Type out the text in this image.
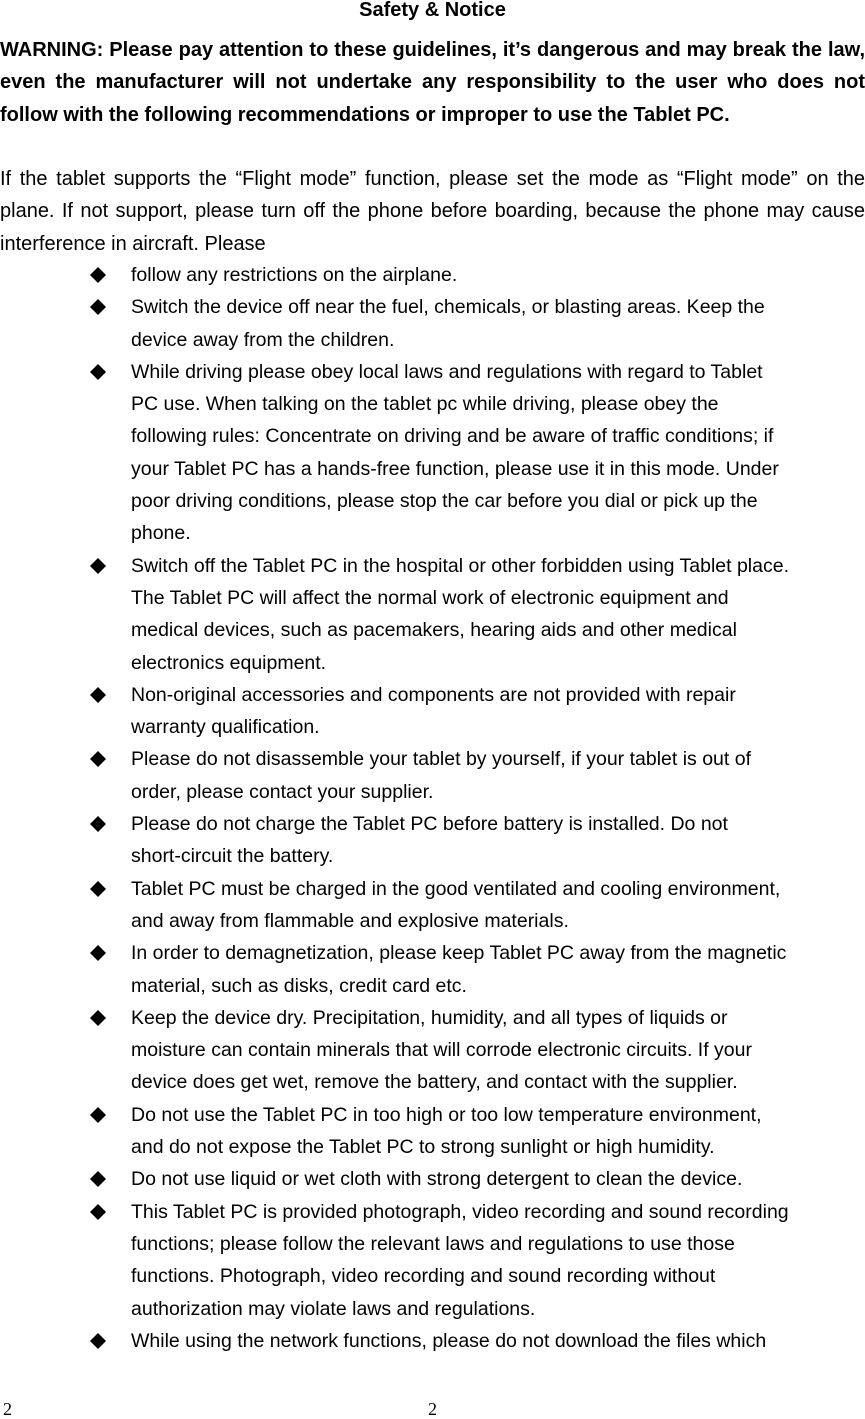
Safety & Notice
WARNING: Please pay attention to these guidelines, it’s dangerous and may break the law, even the manufacturer will not undertake any responsibility to the user who does not follow with the following recommendations or improper to use the Tablet PC.
If the tablet supports the “Flight mode” function, please set the mode as “Flight mode” on the plane. If not support, please turn off the phone before boarding, because the phone may cause interference in aircraft. Please
follow any restrictions on the airplane.
Switch the device off near the fuel, chemicals, or blasting areas. Keep the
device away from the children.
While driving please obey local laws and regulations with regard to Tablet
PC use. When talking on the tablet pc while driving, please obey the
following rules: Concentrate on driving and be aware of traffic conditions; if
your Tablet PC has a hands-free function, please use it in this mode. Under
poor driving conditions, please stop the car before you dial or pick up the
phone.
Switch off the Tablet PC in the hospital or other forbidden using Tablet place.
The Tablet PC will affect the normal work of electronic equipment and
medical devices, such as pacemakers, hearing aids and other medical
electronics equipment.
Non-original accessories and components are not provided with repair
warranty qualification.
Please do not disassemble your tablet by yourself, if your tablet is out of
order, please contact your supplier.
Please do not charge the Tablet PC before battery is installed. Do not
short-circuit the battery.
Tablet PC must be charged in the good ventilated and cooling environment,
and away from flammable and explosive materials.
In order to demagnetization, please keep Tablet PC away from the magnetic
material, such as disks, credit card etc.
Keep the device dry. Precipitation, humidity, and all types of liquids or
moisture can contain minerals that will corrode electronic circuits. If your
device does get wet, remove the battery, and contact with the supplier.
Do not use the Tablet PC in too high or too low temperature environment,
and do not expose the Tablet PC to strong sunlight or high humidity.
Do not use liquid or wet cloth with strong detergent to clean the device.
This Tablet PC is provided photograph, video recording and sound recording
functions; please follow the relevant laws and regulations to use those
functions. Photograph, video recording and sound recording without
authorization may violate laws and regulations.
While using the network functions, please do not download the files which
2	2
